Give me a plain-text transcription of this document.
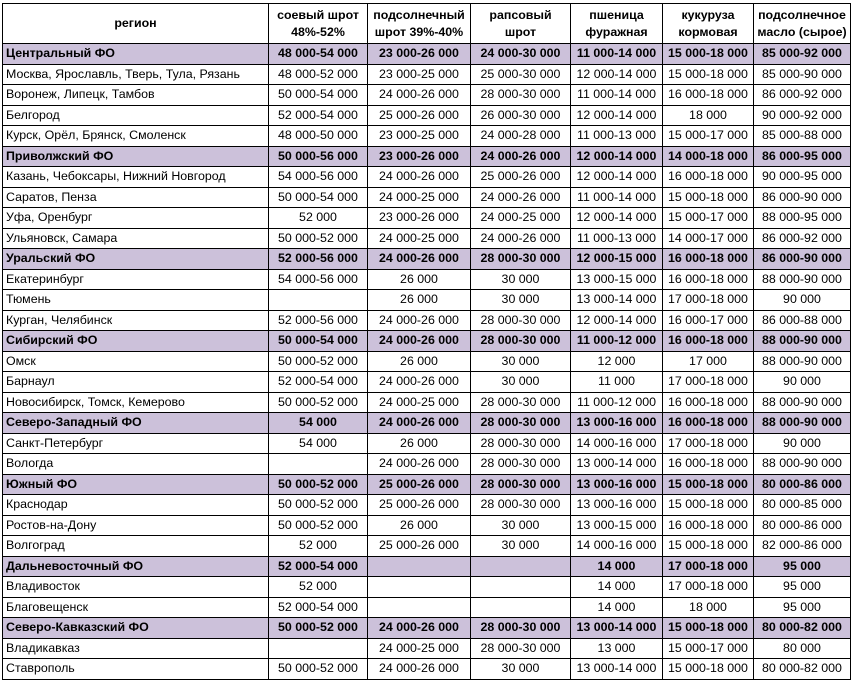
регион	соевый шрот 48%-52%	подсолнечный шрот 39%-40%	рапсовый шрот	пшеница фуражная	кукуруза кормовая	подсолнечное масло (сырое)
Центральный ФО	48 000-54 000	23 000-26 000	24 000-30 000	11 000-14 000	15 000-18 000	85 000-92 000
Москва, Ярославль, Тверь, Тула, Рязань	48 000-52 000	23 000-25 000	25 000-30 000	12 000-14 000	15 000-18 000	85 000-90 000
Воронеж, Липецк, Тамбов	50 000-54 000	24 000-26 000	28 000-30 000	11 000-14 000	16 000-18 000	86 000-92 000
Белгород	52 000-54 000	25 000-26 000	26 000-30 000	12 000-14 000	18 000	90 000-92 000
Курск, Орёл, Брянск, Смоленск	48 000-50 000	23 000-25 000	24 000-28 000	11 000-13 000	15 000-17 000	85 000-88 000
Приволжский ФО	50 000-56 000	23 000-26 000	24 000-26 000	12 000-14 000	14 000-18 000	86 000-95 000
Казань, Чебоксары, Нижний Новгород	54 000-56 000	24 000-26 000	25 000-26 000	12 000-14 000	16 000-18 000	90 000-95 000
Саратов, Пенза	50 000-54 000	24 000-25 000	24 000-26 000	11 000-14 000	15 000-18 000	86 000-90 000
Уфа, Оренбург	52 000	23 000-26 000	24 000-25 000	12 000-14 000	15 000-17 000	88 000-95 000
Ульяновск, Самара	50 000-52 000	24 000-25 000	24 000-26 000	11 000-13 000	14 000-17 000	86 000-92 000
Уральский ФО	52 000-56 000	24 000-26 000	28 000-30 000	12 000-15 000	16 000-18 000	86 000-90 000
Екатеринбург	54 000-56 000	26 000	30 000	13 000-15 000	16 000-18 000	88 000-90 000
Тюмень		26 000	30 000	13 000-14 000	17 000-18 000	90 000
Курган, Челябинск	52 000-56 000	24 000-26 000	28 000-30 000	12 000-14 000	16 000-17 000	86 000-88 000
Сибирский ФО	50 000-54 000	24 000-26 000	28 000-30 000	11 000-12 000	16 000-18 000	88 000-90 000
Омск	50 000-52 000	26 000	30 000	12 000	17 000	88 000-90 000
Барнаул	52 000-54 000	24 000-26 000	30 000	11 000	17 000-18 000	90 000
Новосибирск, Томск, Кемерово	50 000-52 000	24 000-25 000	28 000-30 000	11 000-12 000	16 000-18 000	88 000-90 000
Северо-Западный ФО	54 000	24 000-26 000	28 000-30 000	13 000-16 000	16 000-18 000	88 000-90 000
Санкт-Петербург	54 000	26 000	28 000-30 000	14 000-16 000	17 000-18 000	90 000
Вологда		24 000-26 000	28 000-30 000	13 000-14 000	16 000-18 000	88 000-90 000
Южный ФО	50 000-52 000	25 000-26 000	28 000-30 000	13 000-16 000	15 000-18 000	80 000-86 000
Краснодар	50 000-52 000	25 000-26 000	28 000-30 000	13 000-16 000	15 000-18 000	80 000-85 000
Ростов-на-Дону	50 000-52 000	26 000	30 000	13 000-15 000	16 000-18 000	80 000-86 000
Волгоград	52 000	25 000-26 000	30 000	14 000-16 000	15 000-18 000	82 000-86 000
Дальневосточный ФО	52 000-54 000			14 000	17 000-18 000	95 000
Владивосток	52 000			14 000	17 000-18 000	95 000
Благовещенск	52 000-54 000			14 000	18 000	95 000
Северо-Кавказский ФО	50 000-52 000	24 000-26 000	28 000-30 000	13 000-14 000	15 000-18 000	80 000-82 000
Владикавказ		24 000-25 000	28 000-30 000	13 000	15 000-17 000	80 000
Ставрополь	50 000-52 000	24 000-26 000	30 000	13 000-14 000	15 000-18 000	80 000-82 000
